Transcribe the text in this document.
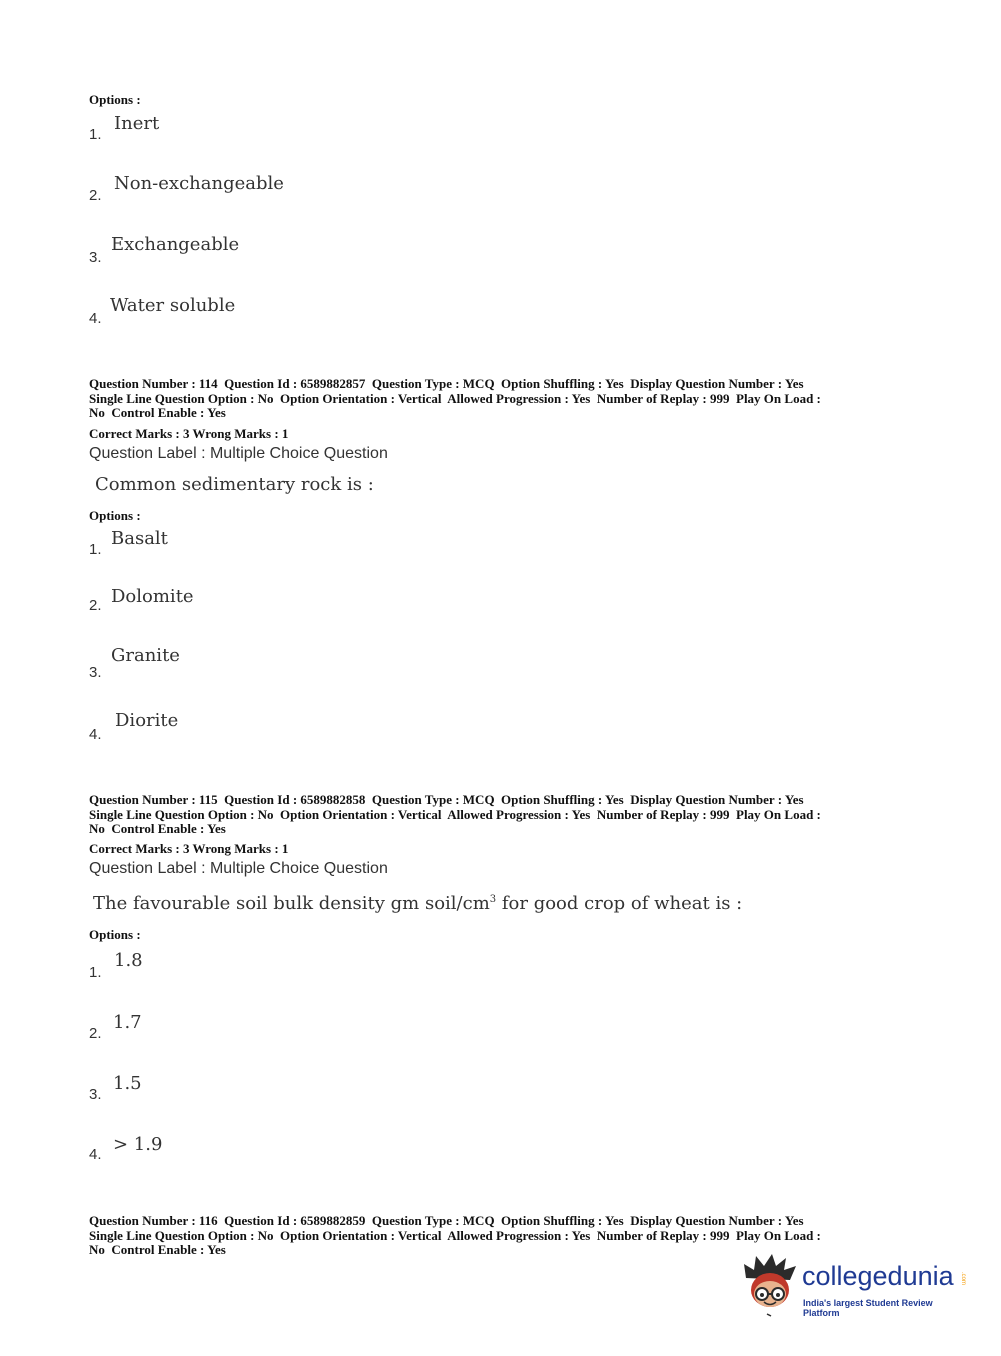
Options :
1.
Inert
2.
Non-exchangeable
3.
Exchangeable
4.
Water soluble
Question Number : 114  Question Id : 6589882857  Question Type : MCQ  Option Shuffling : Yes  Display Question Number : Yes
Single Line Question Option : No  Option Orientation : Vertical  Allowed Progression : Yes  Number of Replay : 999  Play On Load :
No  Control Enable : Yes
Correct Marks : 3 Wrong Marks : 1
Question Label : Multiple Choice Question
Common sedimentary rock is :
Options :
1.
Basalt
2. Dolomite
3.
Granite
4.
Diorite
Question Number : 115  Question Id : 6589882858  Question Type : MCQ  Option Shuffling : Yes  Display Question Number : Yes
Single Line Question Option : No  Option Orientation : Vertical  Allowed Progression : Yes  Number of Replay : 999  Play On Load :
No  Control Enable : Yes
Correct Marks : 3 Wrong Marks : 1
Question Label : Multiple Choice Question
The favourable soil bulk density gm soil/$cm^3$ for good crop of wheat is :
Options :
1.
1.8
2.
1.7
3.
1.5
4. > 1.9
Question Number : 116  Question Id : 6589882859  Question Type : MCQ  Option Shuffling : Yes  Display Question Number : Yes
Single Line Question Option : No  Option Orientation : Vertical  Allowed Progression : Yes  Number of Replay : 999  Play On Load :
No  Control Enable : Yes
collegedunia .com
India's largest Student Review Platform
